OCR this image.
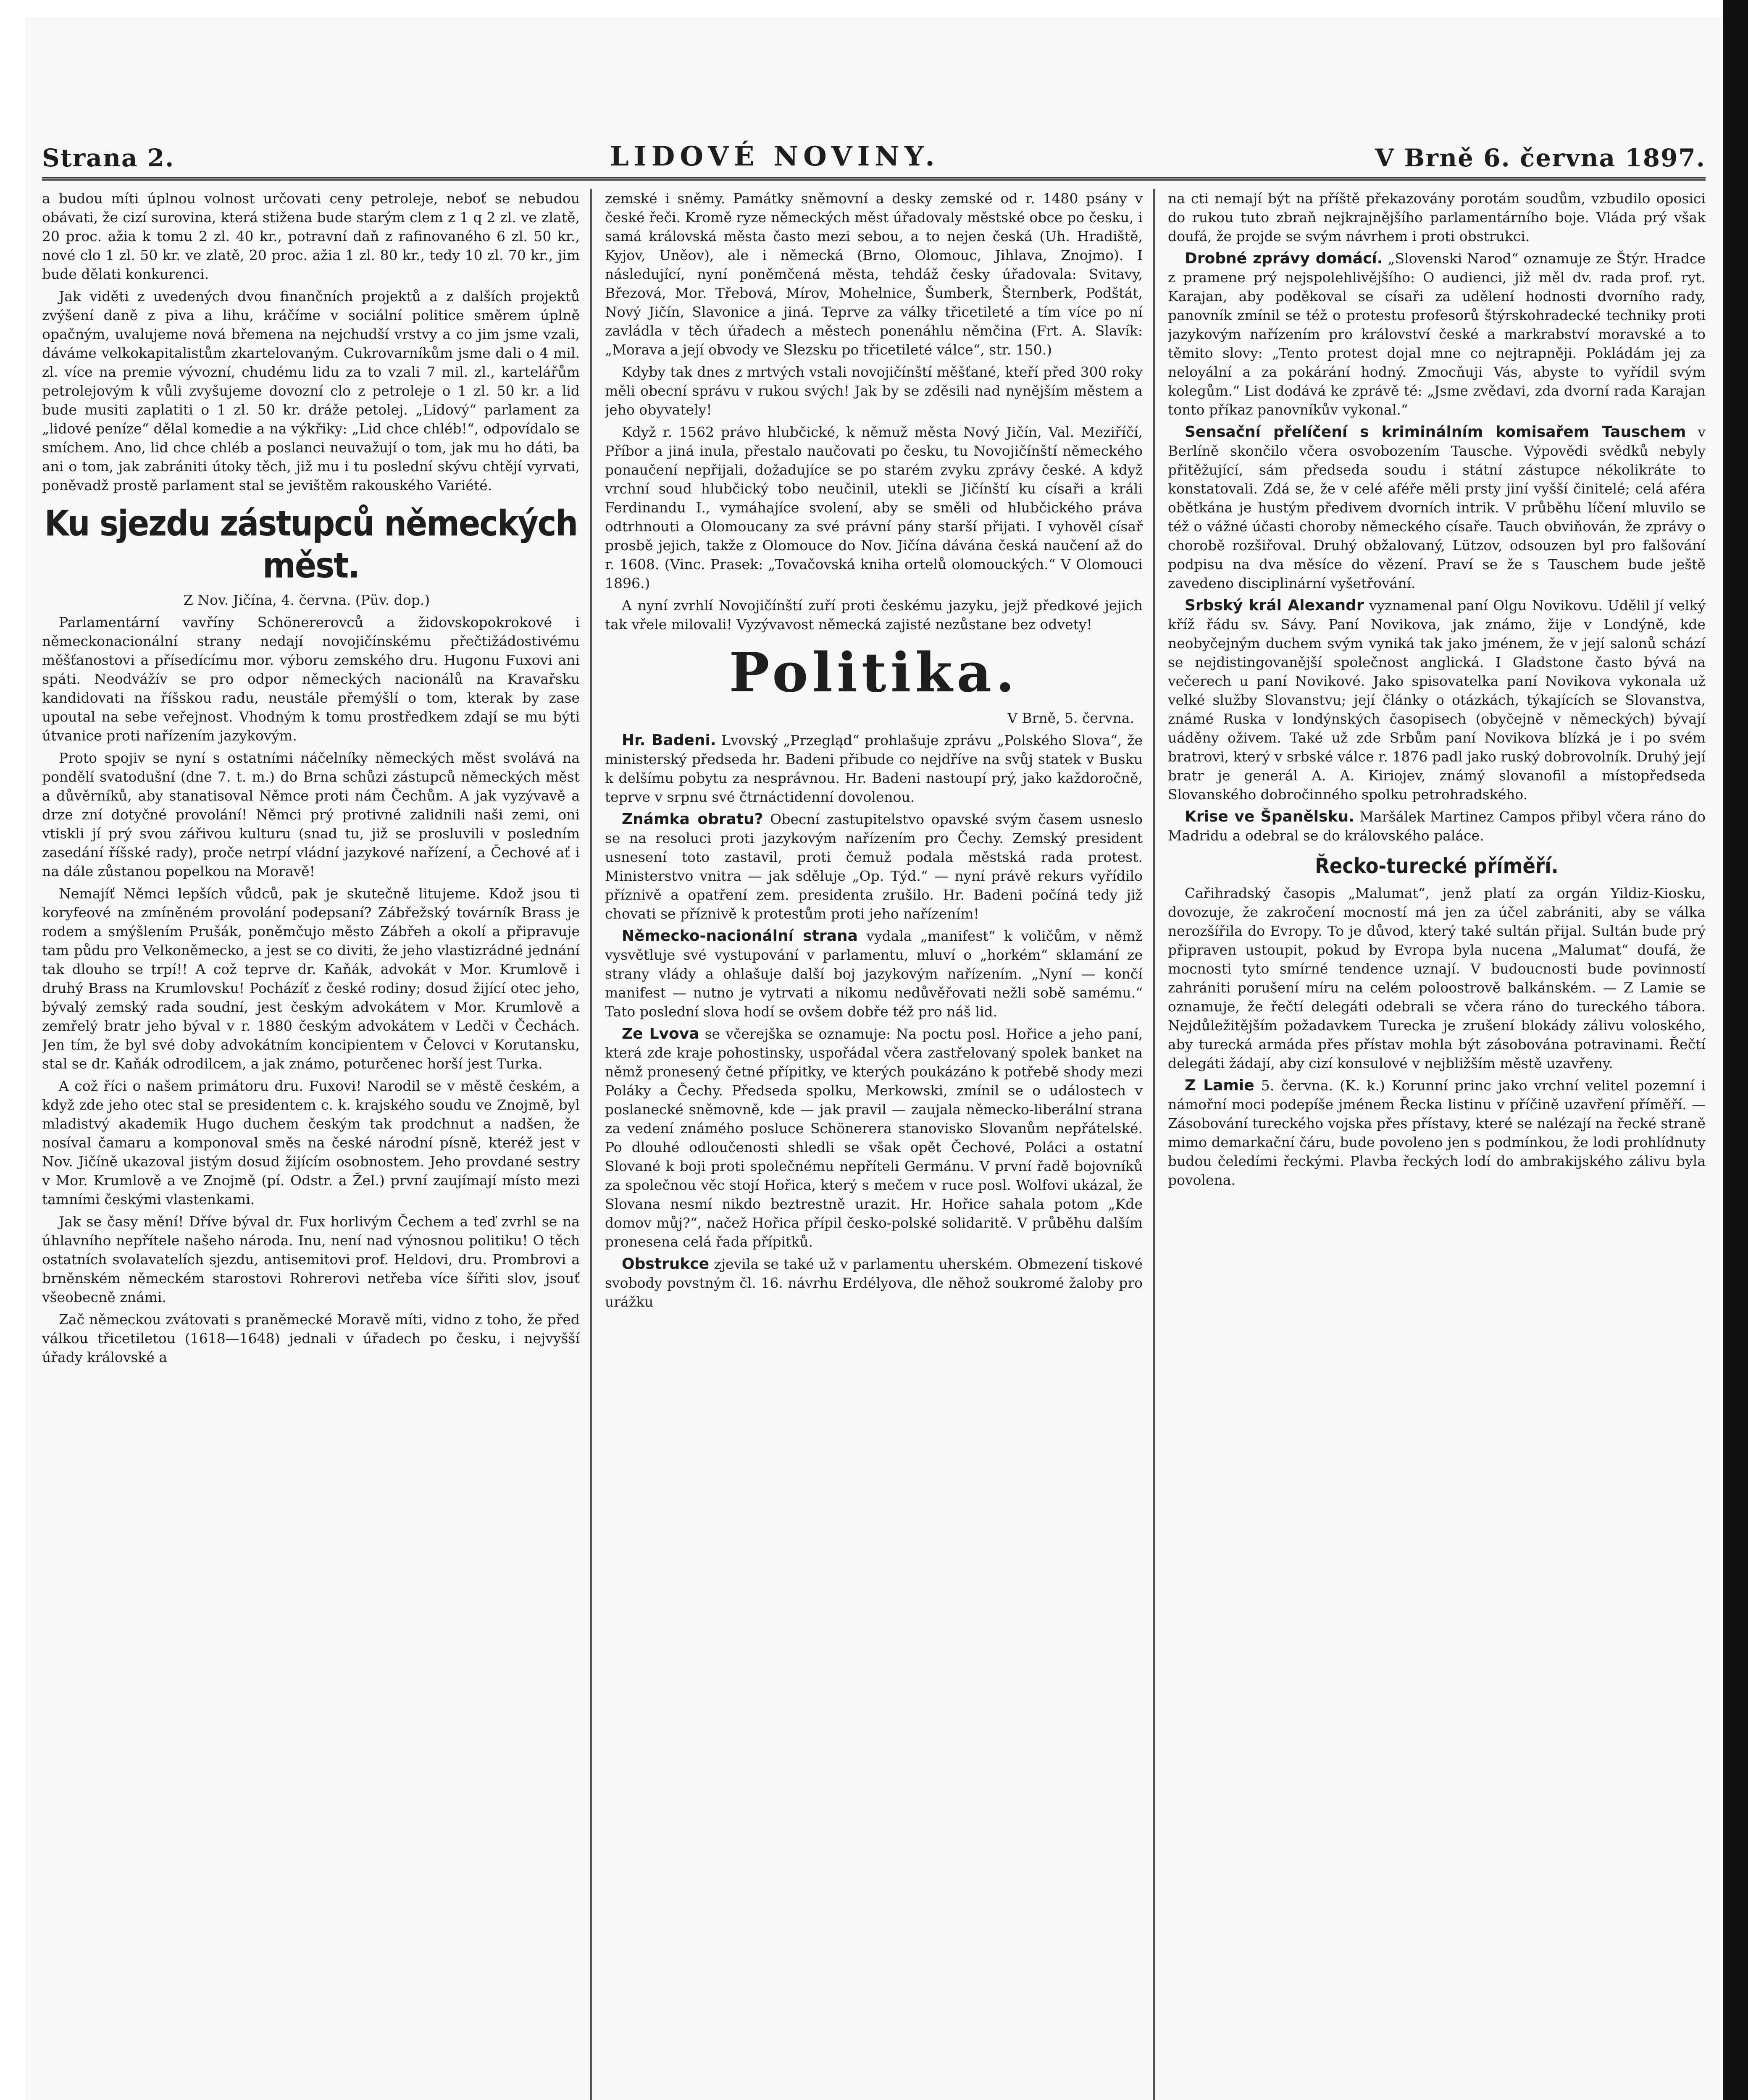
Strana 2.	LIDOVÉ NOVINY.	V Brně 6. června 1897.

a budou míti úplnou volnost určovati ceny petroleje, neboť se nebudou obávati, že cizí surovina, která stižena bude starým clem z 1 q 2 zl. ve zlatě, 20 proc. ažia k tomu 2 zl. 40 kr., potravní daň z rafinovaného 6 zl. 50 kr., nové clo 1 zl. 50 kr. ve zlatě, 20 proc. ažia 1 zl. 80 kr., tedy 10 zl. 70 kr., jim bude dělati konkurenci.

Jak viděti z uvedených dvou finančních projektů a z dalších projektů zvýšení daně z piva a lihu, kráčíme v sociální politice směrem úplně opačným, uvalujeme nová břemena na nejchudší vrstvy a co jim jsme vzali, dáváme velkokapitalistům zkartelovaným. Cukrovarníkům jsme dali o 4 mil. zl. více na premie vývozní, chudému lidu za to vzali 7 mil. zl., kartelářům petrolejovým k vůli zvyšujeme dovozní clo z petroleje o 1 zl. 50 kr. a lid bude musiti zaplatiti o 1 zl. 50 kr. dráže petolej. „Lidový“ parlament za „lidové peníze“ dělal komedie a na výkřiky: „Lid chce chléb!“, odpovídalo se smíchem. Ano, lid chce chléb a poslanci neuvažují o tom, jak mu ho dáti, ba ani o tom, jak zabrániti útoky těch, již mu i tu poslední skývu chtějí vyrvati, poněvadž prostě parlament stal se jevištěm rakouského Variété.

Ku sjezdu zástupců německých měst.
Z Nov. Jičína, 4. června. (Püv. dop.)

Parlamentární vavříny Schönererovců a židovskopokrokové i německonacionální strany nedají novojičínskému přečtižádostivému měšťanostovi a přísedícímu mor. výboru zemského dru. Hugonu Fuxovi ani spáti. Neodvážív se pro odpor německých nacionálů na Kravařsku kandidovati na říšskou radu, neustále přemýšlí o tom, kterak by zase upoutal na sebe veřejnost. Vhodným k tomu prostředkem zdají se mu býti útvanice proti nařízením jazykovým.

Proto spojiv se nyní s ostatními náčelníky německých měst svolává na pondělí svatodušní (dne 7. t. m.) do Brna schůzi zástupců německých měst a důvěrníků, aby stanatisoval Němce proti nám Čechům. A jak vyzývavě a drze zní dotyčné provolání! Němci prý protivné zalidnili naši zemi, oni vtiskli jí prý svou zářivou kulturu (snad tu, již se prosluvili v posledním zasedání říšské rady), proče netrpí vládní jazykové nařízení, a Čechové ať i na dále zůstanou popelkou na Moravě!

Nemajíť Němci lepších vůdců, pak je skutečně litujeme. Kdož jsou ti koryfeové na zmíněném provolání podepsaní? Zábřežský továrník Brass je rodem a smýšlením Prušák, poněmčujo město Zábřeh a okolí a připravuje tam půdu pro Velkoněmecko, a jest se co diviti, že jeho vlastizrádné jednání tak dlouho se trpí!! A což teprve dr. Kaňák, advokát v Mor. Krumlově i druhý Brass na Krumlovsku! Pocházíť z české rodiny; dosud žijící otec jeho, bývalý zemský rada soudní, jest českým advokátem v Mor. Krumlově a zemřelý bratr jeho býval v r. 1880 českým advokátem v Ledči v Čechách. Jen tím, že byl své doby advokátním koncipientem v Čelovci v Korutansku, stal se dr. Kaňák odrodilcem, a jak známo, poturčenec horší jest Turka.

A což říci o našem primátoru dru. Fuxovi! Narodil se v městě českém, a když zde jeho otec stal se presidentem c. k. krajského soudu ve Znojmě, byl mladistvý akademik Hugo duchem českým tak prodchnut a nadšen, že nosíval čamaru a komponoval směs na české národní písně, kteréž jest v Nov. Jičíně ukazoval jistým dosud žijícím osobnostem. Jeho provdané sestry v Mor. Krumlově a ve Znojmě (pí. Odstr. a Žel.) první zaujímají místo mezi tamními českými vlastenkami.

Jak se časy mění! Dříve býval dr. Fux horlivým Čechem a teď zvrhl se na úhlavního nepřítele našeho národa. Inu, není nad výnosnou politiku! O těch ostatních svolavatelích sjezdu, antisemitovi prof. Heldovi, dru. Prombrovi a brněnském německém starostovi Rohrerovi netřeba více šířiti slov, jsouť všeobecně známi.

Zač německou zvátovati s praněmecké Moravě míti, vidno z toho, že před válkou třicetiletou (1618—1648) jednali v úřadech po česku, i nejvyšší úřady královské a

zemské i sněmy. Památky sněmovní a desky zemské od r. 1480 psány v české řeči. Kromě ryze německých měst úřadovaly městské obce po česku, i samá královská města často mezi sebou, a to nejen česká (Uh. Hradiště, Kyjov, Uněov), ale i německá (Brno, Olomouc, Jihlava, Znojmo). I následující, nyní poněmčená města, tehdáž česky úřadovala: Svitavy, Březová, Mor. Třebová, Mírov, Mohelnice, Šumberk, Šternberk, Podštát, Nový Jičín, Slavonice a jiná. Teprve za války třicetileté a tím více po ní zavládla v těch úřadech a městech ponenáhlu němčina (Frt. A. Slavík: „Morava a její obvody ve Slezsku po třicetileté válce“, str. 150.)

Kdyby tak dnes z mrtvých vstali novojičínští měšťané, kteří před 300 roky měli obecní správu v rukou svých! Jak by se zděsili nad nynějším městem a jeho obyvately!

Když r. 1562 právo hlubčické, k němuž města Nový Jičín, Val. Meziříčí, Příbor a jiná inula, přestalo naučovati po česku, tu Novojičínští německého ponaučení nepřijali, dožadujíce se po starém zvyku zprávy české. A když vrchní soud hlubčický tobo neučinil, utekli se Jičínští ku císaři a králi Ferdinandu I., vymáhajíce svolení, aby se směli od hlubčického práva odtrhnouti a Olomoucany za své právní pány starší přijati. I vyhověl císař prosbě jejich, takže z Olomouce do Nov. Jičína dávána česká naučení až do r. 1608. (Vinc. Prasek: „Tovačovská kniha ortelů olomouckých.“ V Olomouci 1896.)

A nyní zvrhlí Novojičínští zuří proti českému jazyku, jejž předkové jejich tak vřele milovali! Vyzývavost německá zajisté nezůstane bez odvety!

Politika.
V Brně, 5. června.

Hr. Badeni. Lvovský „Przegląd“ prohlašuje zprávu „Polského Slova“, že ministerský předseda hr. Badeni přibude co nejdříve na svůj statek v Busku k delšímu pobytu za nesprávnou. Hr. Badeni nastoupí prý, jako každoročně, teprve v srpnu své čtrnáctidenní dovolenou.

Známka obratu? Obecní zastupitelstvo opavské svým časem usneslo se na resoluci proti jazykovým nařízením pro Čechy. Zemský president usnesení toto zastavil, proti čemuž podala městská rada protest. Ministerstvo vnitra — jak sděluje „Op. Týd.“ — nyní právě rekurs vyřídilo příznivě a opatření zem. presidenta zrušilo. Hr. Badeni počíná tedy již chovati se příznivě k protestům proti jeho nařízením!

Německo-nacionální strana vydala „manifest“ k voličům, v němž vysvětluje své vystupování v parlamentu, mluví o „horkém“ sklamání ze strany vlády a ohlašuje další boj jazykovým nařízením. „Nyní — končí manifest — nutno je vytrvati a nikomu nedůvěřovati nežli sobě samému.“ Tato poslední slova hodí se ovšem dobře též pro náš lid.

Ze Lvova se včerejška se oznamuje: Na poctu posl. Hořice a jeho paní, která zde kraje pohostinsky, uspořádal včera zastřelovaný spolek banket na němž pronesený četné přípitky, ve kterých poukázáno k potřebě shody mezi Poláky a Čechy. Předseda spolku, Merkowski, zmínil se o událostech v poslanecké sněmovně, kde — jak pravil — zaujala německo-liberální strana za vedení známého posluce Schönerera stanovisko Slovanům nepřátelské. Po dlouhé odloučenosti shledli se však opět Čechové, Poláci a ostatní Slované k boji proti společnému nepříteli Germánu. V první řadě bojovníků za společnou věc stojí Hořica, který s mečem v ruce posl. Wolfovi ukázal, že Slovana nesmí nikdo beztrestně urazit. Hr. Hořice sahala potom „Kde domov můj?“, načež Hořica přípil česko-polské solidaritě. V průběhu dalším pronesena celá řada přípitků.

Obstrukce zjevila se také už v parlamentu uherském. Obmezení tiskové svobody povstným čl. 16. návrhu Erdélyova, dle něhož soukromé žaloby pro urážku

na cti nemají být na příště překazovány porotám soudům, vzbudilo oposici do rukou tuto zbraň nejkrajnějšího parlamentárního boje. Vláda prý však doufá, že projde se svým návrhem i proti obstrukci.

Drobné zprávy domácí. „Slovenski Narod“ oznamuje ze Štýr. Hradce z pramene prý nejspolehlivějšího: O audienci, již měl dv. rada prof. ryt. Karajan, aby poděkoval se císaři za udělení hodnosti dvorního rady, panovník zmínil se též o protestu profesorů štýrskohradecké techniky proti jazykovým nařízením pro království české a markrabství moravské a to těmito slovy: „Tento protest dojal mne co nejtrapněji. Pokládám jej za neloyální a za pokárání hodný. Zmocňuji Vás, abyste to vyřídil svým kolegům.“ List dodává ke zprávě té: „Jsme zvědavi, zda dvorní rada Karajan tonto příkaz panovníkův vykonal.“

Sensační přelíčení s kriminálním komisařem Tauschem v Berlíně skončilo včera osvobozením Tausche. Výpovědi svědků nebyly přitěžující, sám předseda soudu i státní zástupce nékolikráte to konstatovali. Zdá se, že v celé aféře měli prsty jiní vyšší činitelé; celá aféra obětkána je hustým předivem dvorních intrik. V průběhu líčení mluvilo se též o vážné účasti choroby německého císaře. Tauch obviňován, že zprávy o chorobě rozšiřoval. Druhý obžalovaný, Lützov, odsouzen byl pro falšování podpisu na dva měsíce do vězení. Praví se že s Tauschem bude ještě zavedeno disciplinární vyšetřování.

Srbský král Alexandr vyznamenal paní Olgu Novikovu. Udělil jí velký kříž řádu sv. Sávy. Paní Novikova, jak známo, žije v Londýně, kde neobyčejným duchem svým vyniká tak jako jménem, že v její salonů schází se nejdistingovanější společnost anglická. I Gladstone často bývá na večerech u paní Novikové. Jako spisovatelka paní Novikova vykonala už velké služby Slovanstvu; její články o otázkách, týkajících se Slovanstva, známé Ruska v londýnských časopisech (obyčejně v německých) bývají uáděny oživem. Také už zde Srbům paní Novikova blízká je i po svém bratrovi, který v srbské válce r. 1876 padl jako ruský dobrovolník. Druhý její bratr je generál A. A. Kiriojev, známý slovanofil a místopředseda Slovanského dobročinného spolku petrohradského.

Krise ve Španělsku. Maršálek Martinez Campos přibyl včera ráno do Madridu a odebral se do královského paláce.

Řecko-turecké příměří.

Cařihradský časopis „Malumat“, jenž platí za orgán Yildiz-Kiosku, dovozuje, že zakročení mocností má jen za účel zabrániti, aby se válka nerozšířila do Evropy. To je důvod, který také sultán přijal. Sultán bude prý připraven ustoupit, pokud by Evropa byla nucena „Malumat“ doufá, že mocnosti tyto smírné tendence uznají. V budoucnosti bude povinností zahrániti porušení míru na celém poloostrově balkánském. — Z Lamie se oznamuje, že řečtí delegáti odebrali se včera ráno do tureckého tábora. Nejdůležitějším požadavkem Turecka je zrušení blokády zálivu voloského, aby turecká armáda přes přístav mohla být zásobována potravinami. Řečtí delegáti žádají, aby cizí konsulové v nejbližším městě uzavřeny.

Z Lamie 5. června. (K. k.) Korunní princ jako vrchní velitel pozemní i námořní moci podepíše jménem Řecka listinu v příčině uzavření příměří. — Zásobování tureckého vojska přes přístavy, které se nalézají na řecké straně mimo demarkační čáru, bude povoleno jen s podmínkou, že lodi prohlídnuty budou čeledími řeckými. Plavba řeckých lodí do ambrakijského zálivu byla povolena.
